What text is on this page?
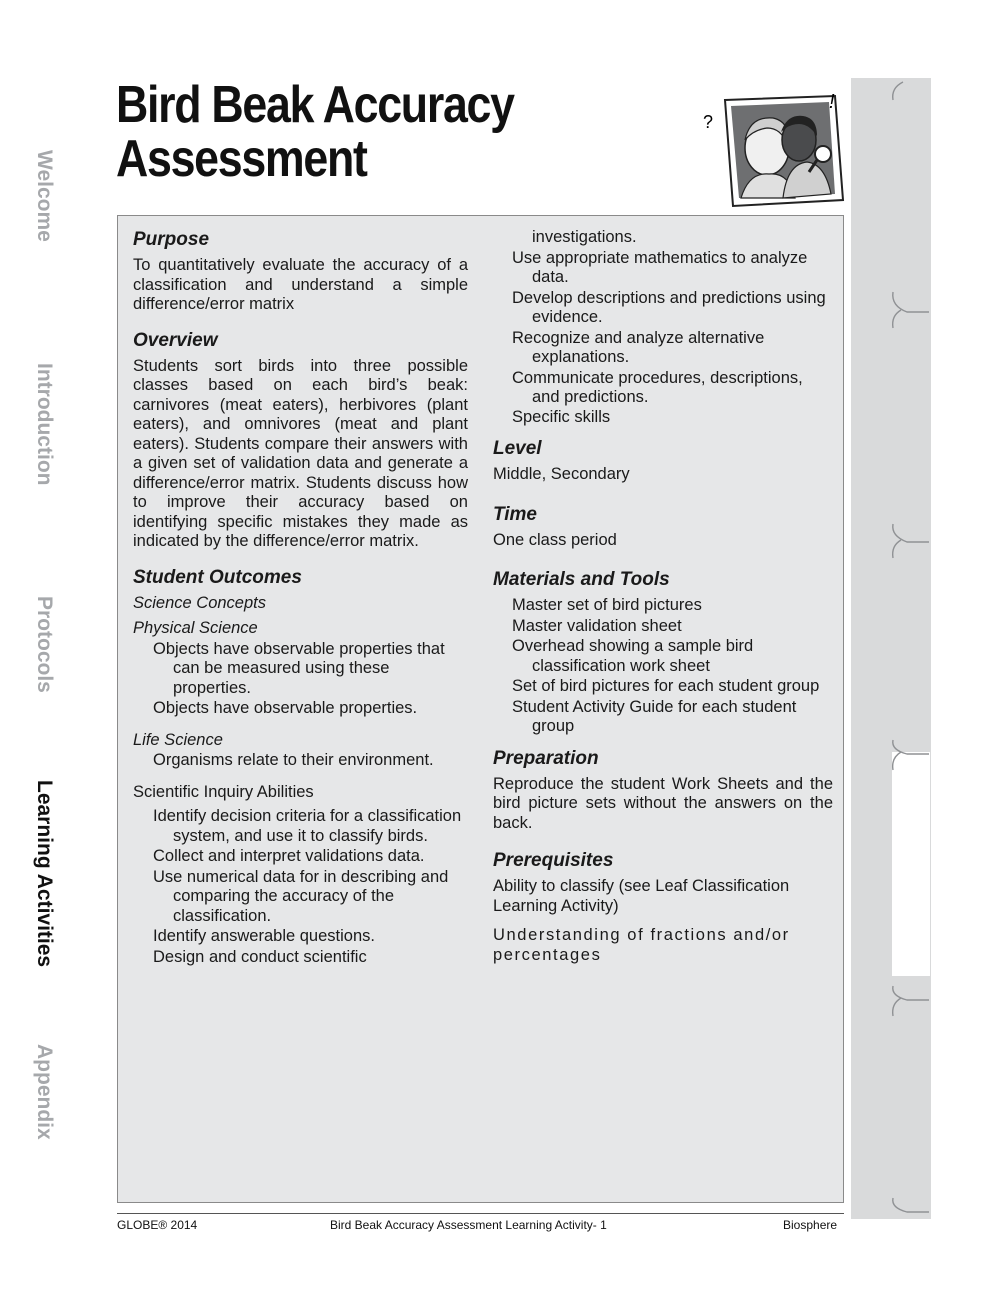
Bird Beak Accuracy
Assessment
?
!
Purpose

To quantitatively evaluate the accuracy of a classification and understand a simple difference/error matrix

Overview

Students sort birds into three possible classes based on each bird’s beak: carnivores (meat eaters), herbivores (plant eaters), and omnivores (meat and plant eaters). Students compare their answers with a given set of validation data and generate a difference/error matrix. Students discuss how to improve their accuracy based on identifying specific mistakes they made as indicated by the difference/error matrix.

Student Outcomes

Science Concepts

Physical Science

Objects have observable properties that can be measured using these properties.

Objects have observable properties.

Life Science

Organisms relate to their environment.

Scientific Inquiry Abilities

Identify decision criteria for a classification system, and use it to classify birds.

Collect and interpret validations data.

Use numerical data for in describing and comparing the accuracy of the classification.

Identify answerable questions.

Design and conduct scientific

investigations.

Use appropriate mathematics to analyze data.

Develop descriptions and predictions using evidence.

Recognize and analyze alternative explanations.

Communicate procedures, descriptions, and predictions.

Specific skills

Level

Middle, Secondary

Time

One class period

Materials and Tools

Master set of bird pictures

Master validation sheet

Overhead showing a sample bird classification work sheet

Set of bird pictures for each student group

Student Activity Guide for each student group

Preparation

Reproduce the student Work Sheets and the bird picture sets without the answers on the back.

Prerequisites

Ability to classify (see Leaf Classification Learning Activity)

Understanding of fractions and/or percentages

GLOBE® 2014	Bird Beak Accuracy Assessment Learning Activity- 1	Biosphere
Welcome
Introduction
Protocols
Learning Activities
Appendix
